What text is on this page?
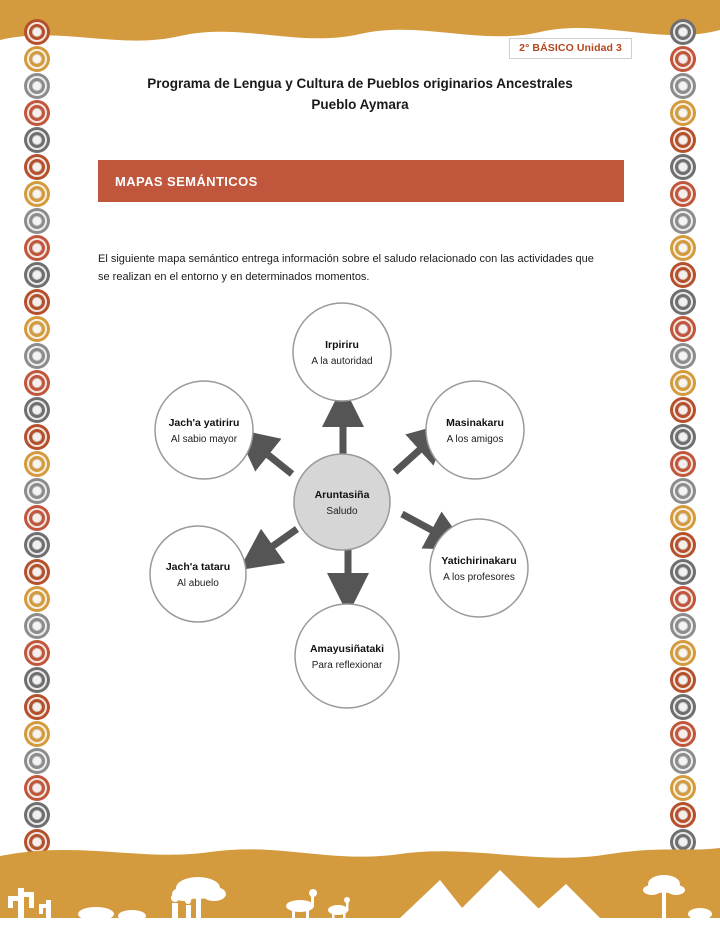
2° BÁSICO Unidad 3
Programa de Lengua y Cultura de Pueblos originarios Ancestrales
Pueblo Aymara
MAPAS SEMÁNTICOS

El siguiente mapa semántico entrega información sobre el saludo relacionado con las actividades que se realizan en el entorno y en determinados momentos.

Aruntasiña
Saludo
Irpiriru
A la autoridad
Masinakaru
A los amigos
Yatichirinakaru
A los profesores
Amayusiñataki
Para reflexionar
Jach'a tataru
Al abuelo
Jach'a yatiriru
Al sabio mayor
